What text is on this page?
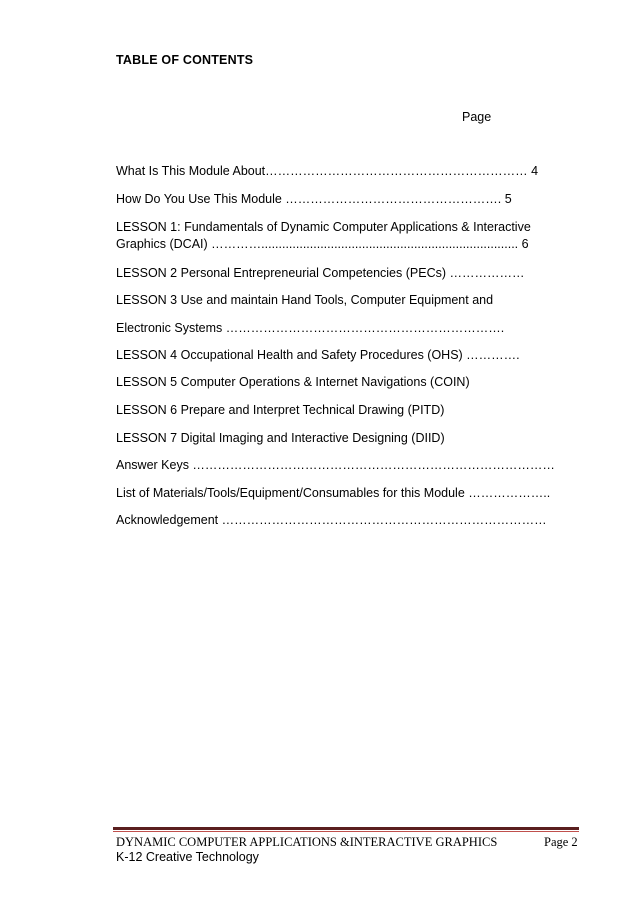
TABLE OF CONTENTS
Page
What Is This Module About……………………………………………………… 4
How Do You Use This Module ……………………………………………. 5
LESSON 1: Fundamentals of Dynamic Computer Applications & Interactive
Graphics (DCAI) ………….......................................................................... 6
LESSON 2 Personal Entrepreneurial Competencies (PECs) ………………
LESSON 3 Use and maintain Hand Tools, Computer Equipment and
Electronic Systems ………………………………………………………….
LESSON 4 Occupational Health and Safety Procedures (OHS) ………….
LESSON 5 Computer Operations & Internet Navigations (COIN)
LESSON 6 Prepare and Interpret Technical Drawing (PITD)
LESSON 7 Digital Imaging and Interactive Designing (DIID)
Answer Keys ……………………………………………………………………………
List of Materials/Tools/Equipment/Consumables for this Module ………………..
Acknowledgement ……………………………………………………………………
DYNAMIC COMPUTER APPLICATIONS &INTERACTIVE GRAPHICS	Page 2
K-12 Creative Technology
